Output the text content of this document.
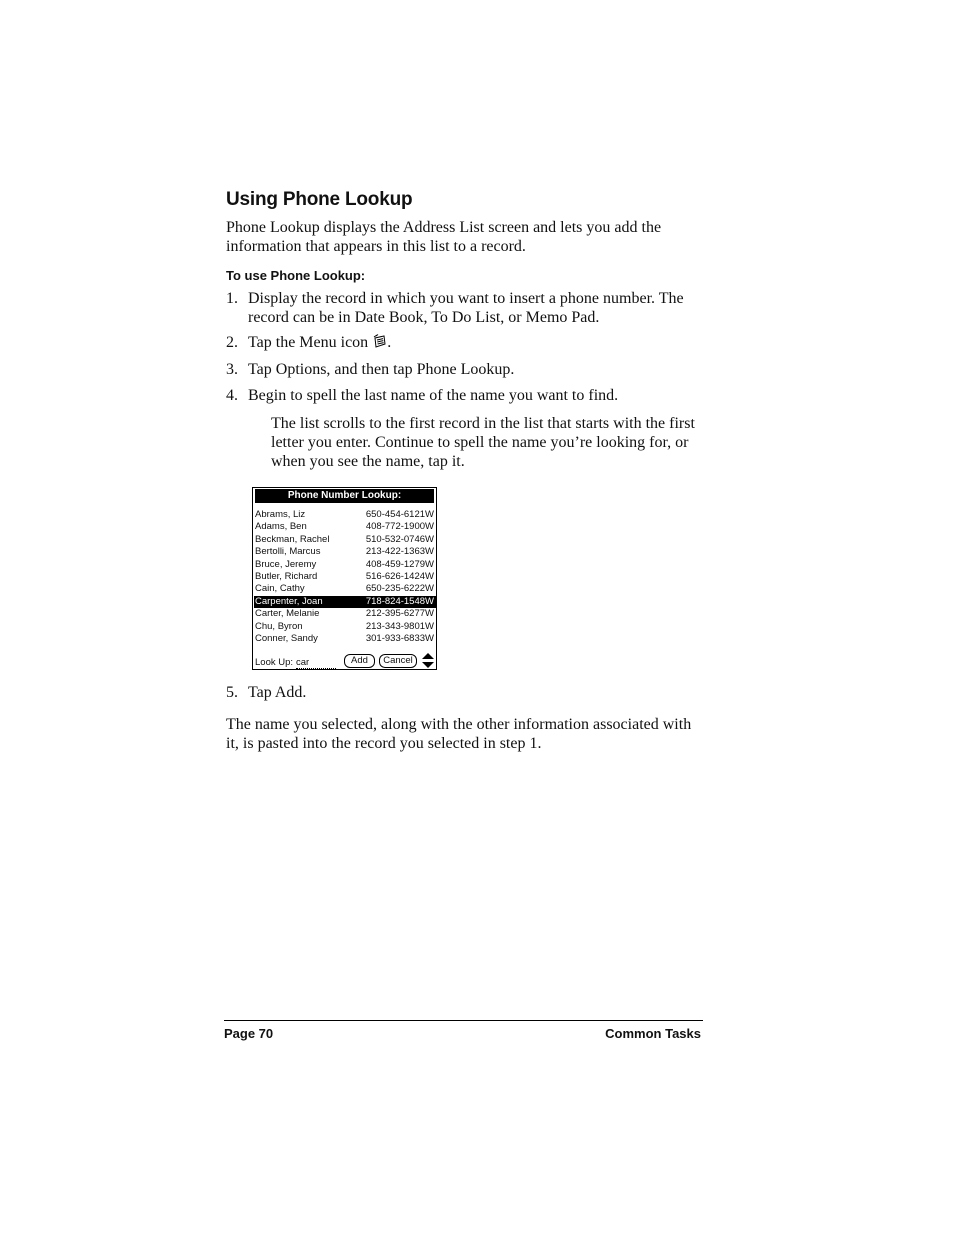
Using Phone Lookup
Phone Lookup displays the Address List screen and lets you add the information that appears in this list to a record.
To use Phone Lookup:
1. Display the record in which you want to insert a phone number. The record can be in Date Book, To Do List, or Memo Pad.
2. Tap the Menu icon .
3. Tap Options, and then tap Phone Lookup.
4. Begin to spell the last name of the name you want to find.
The list scrolls to the first record in the list that starts with the first letter you enter. Continue to spell the name you’re looking for, or when you see the name, tap it.
Phone Number Lookup:
Abrams, Liz	650-454-6121W
Adams, Ben	408-772-1900W
Beckman, Rachel	510-532-0746W
Bertolli, Marcus	213-422-1363W
Bruce, Jeremy	408-459-1279W
Butler, Richard	516-626-1424W
Cain, Cathy	650-235-6222W
Carpenter, Joan	718-824-1548W
Carter, Melanie	212-395-6277W
Chu, Byron	213-343-9801W
Conner, Sandy	301-933-6833W
Look Up: car	Add	Cancel
5. Tap Add.
The name you selected, along with the other information associated with it, is pasted into the record you selected in step 1.
Page 70	Common Tasks
